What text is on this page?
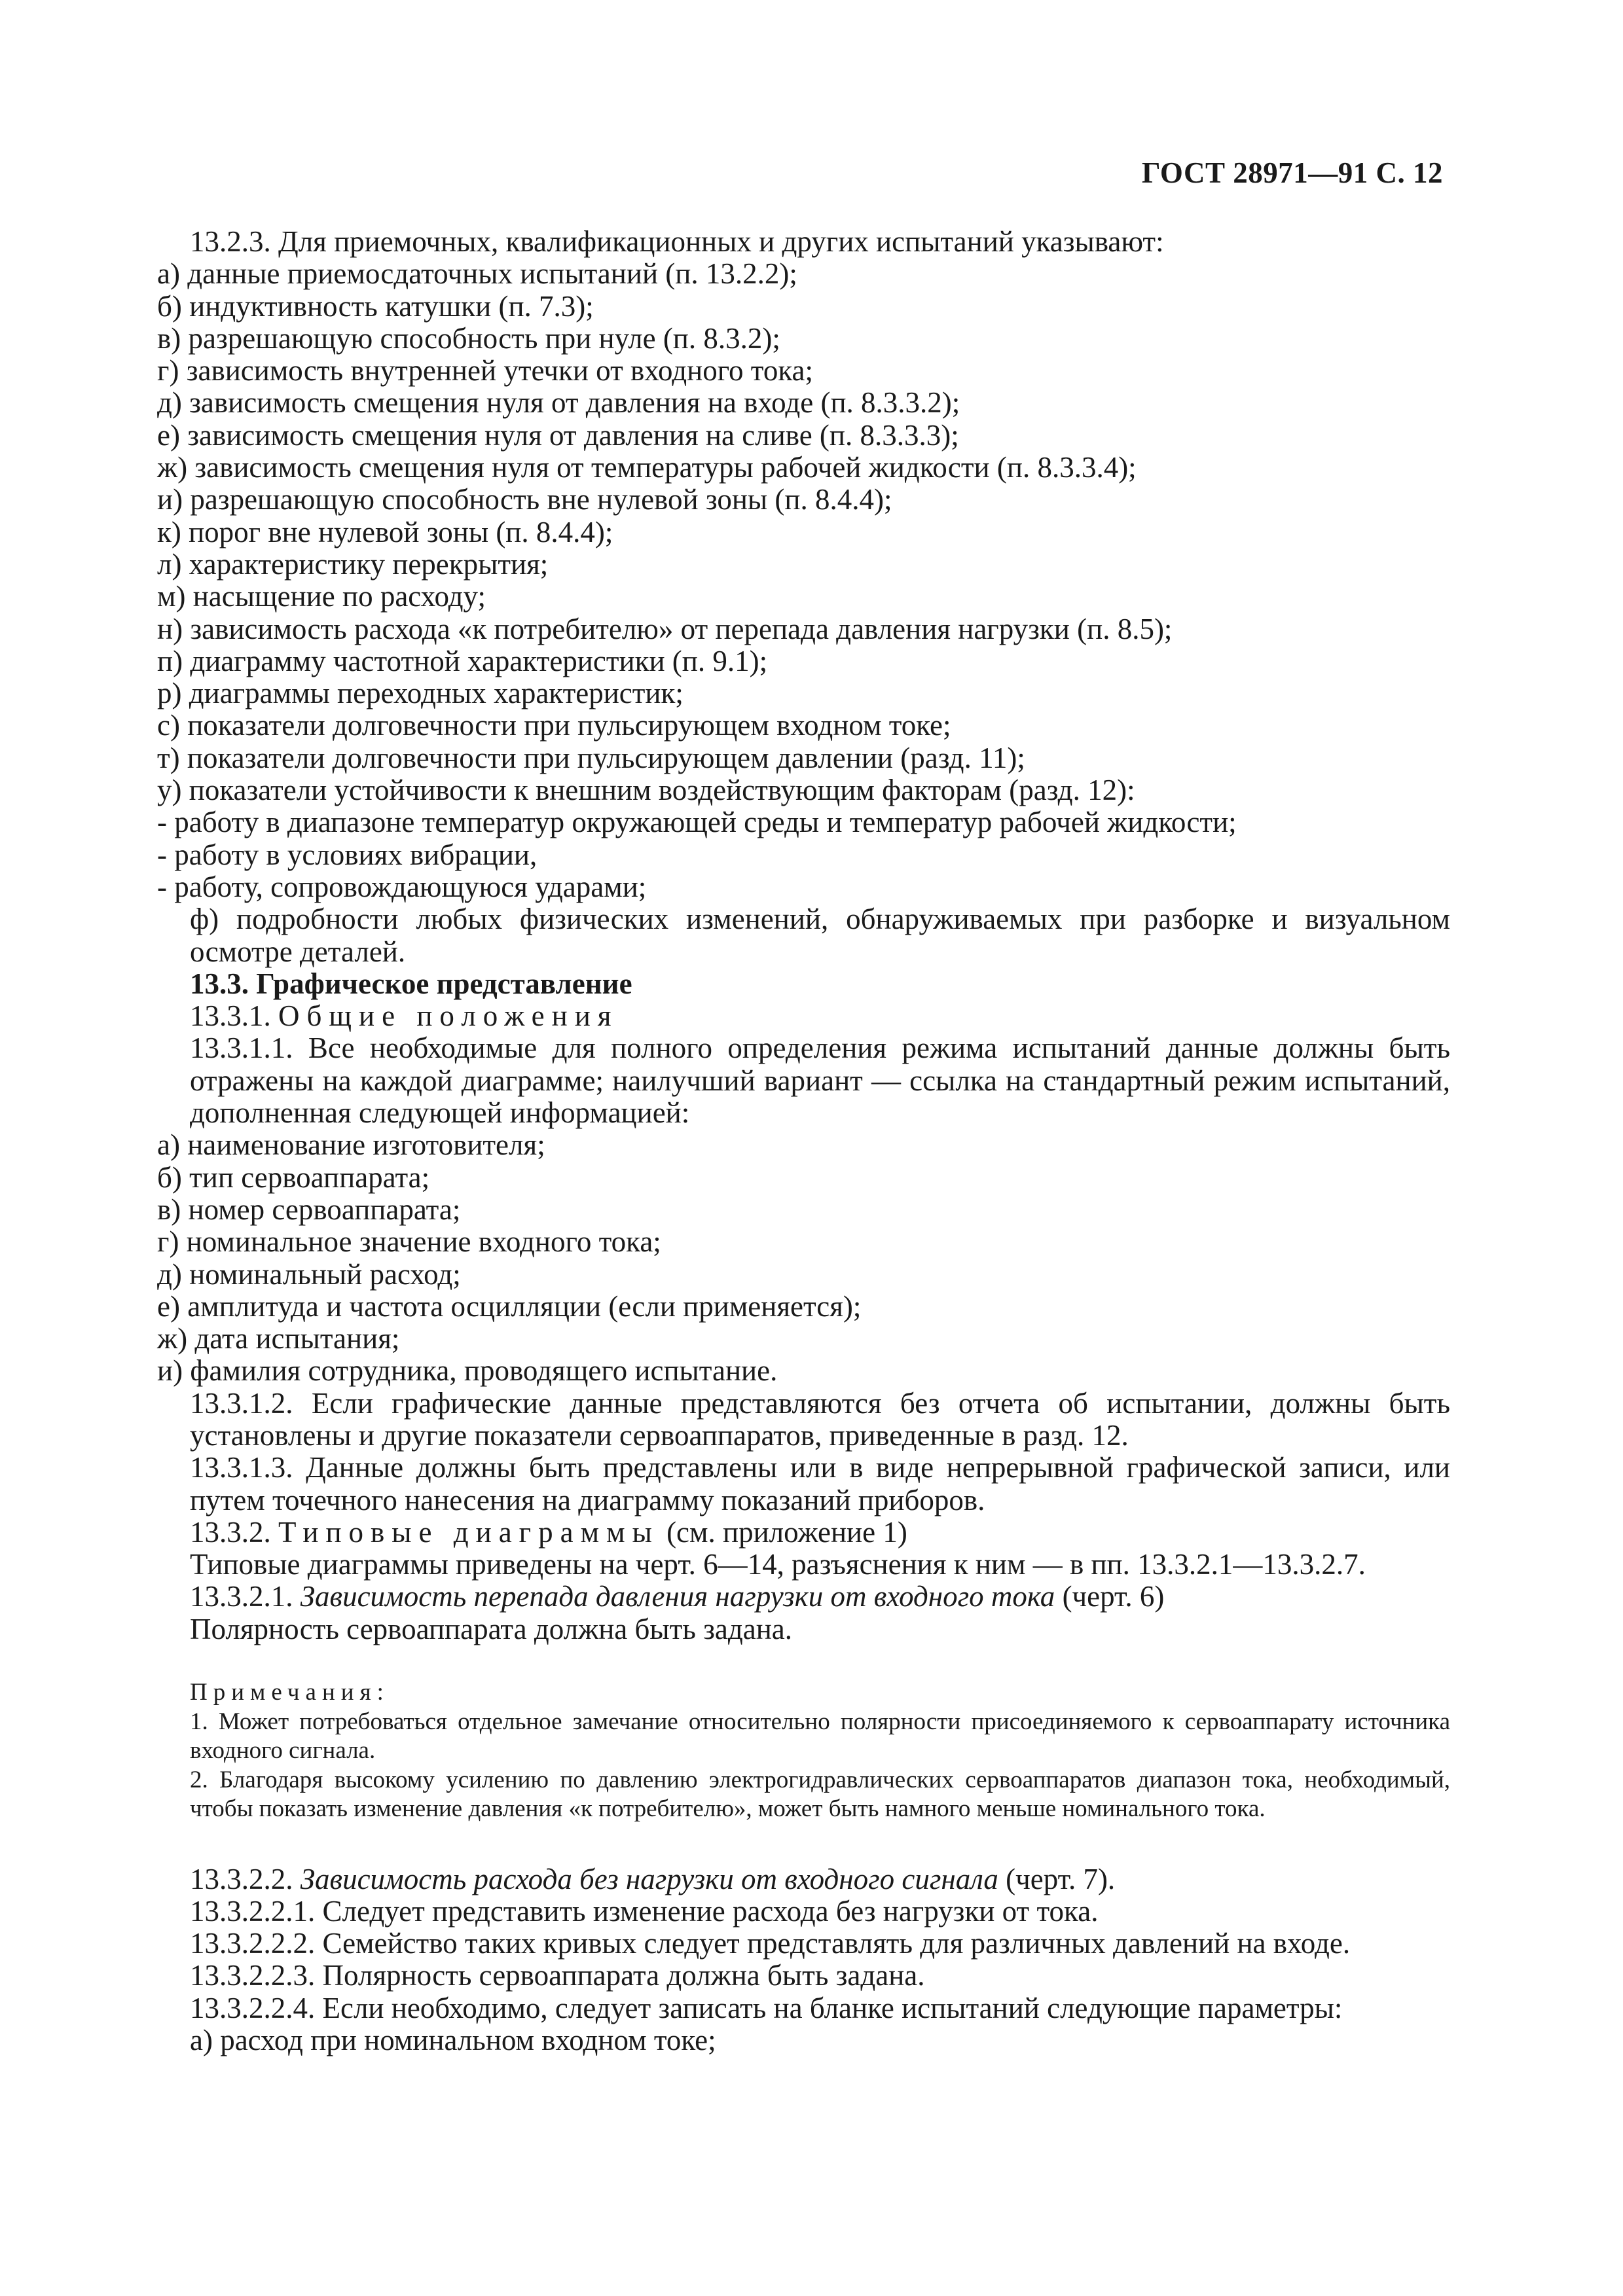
ГОСТ 28971—91 С. 12

13.2.3. Для приемочных, квалификационных и других испытаний указывают:

а) данные приемосдаточных испытаний (п. 13.2.2);

б) индуктивность катушки (п. 7.3);

в) разрешающую способность при нуле (п. 8.3.2);

г) зависимость внутренней утечки от входного тока;

д) зависимость смещения нуля от давления на входе (п. 8.3.3.2);

е) зависимость смещения нуля от давления на сливе (п. 8.3.3.3);

ж) зависимость смещения нуля от температуры рабочей жидкости (п. 8.3.3.4);

и) разрешающую способность вне нулевой зоны (п. 8.4.4);

к) порог вне нулевой зоны (п. 8.4.4);

л) характеристику перекрытия;

м) насыщение по расходу;

н) зависимость расхода «к потребителю» от перепада давления нагрузки (п. 8.5);

п) диаграмму частотной характеристики (п. 9.1);

р) диаграммы переходных характеристик;

с) показатели долговечности при пульсирующем входном токе;

т) показатели долговечности при пульсирующем давлении (разд. 11);

у) показатели устойчивости к внешним воздействующим факторам (разд. 12):

- работу в диапазоне температур окружающей среды и температур рабочей жидкости;

- работу в условиях вибрации,

- работу, сопровождающуюся ударами;

ф) подробности любых физических изменений, обнаруживаемых при разборке и визуальном осмотре деталей.

13.3. Графическое представление

13.3.1. Общие положения

13.3.1.1. Все необходимые для полного определения режима испытаний данные должны быть отражены на каждой диаграмме; наилучший вариант — ссылка на стандартный режим испытаний, дополненная следующей информацией:

а) наименование изготовителя;

б) тип сервоаппарата;

в) номер сервоаппарата;

г) номинальное значение входного тока;

д) номинальный расход;

е) амплитуда и частота осцилляции (если применяется);

ж) дата испытания;

и) фамилия сотрудника, проводящего испытание.

13.3.1.2. Если графические данные представляются без отчета об испытании, должны быть установлены и другие показатели сервоаппаратов, приведенные в разд. 12.

13.3.1.3. Данные должны быть представлены или в виде непрерывной графической записи, или путем точечного нанесения на диаграмму показаний приборов.

13.3.2. Типовые диаграммы (см. приложение 1)

Типовые диаграммы приведены на черт. 6—14, разъяснения к ним — в пп. 13.3.2.1—13.3.2.7.

13.3.2.1. Зависимость перепада давления нагрузки от входного тока (черт. 6)

Полярность сервоаппарата должна быть задана.

Примечания:

1. Может потребоваться отдельное замечание относительно полярности присоединяемого к сервоаппарату источника входного сигнала.

2. Благодаря высокому усилению по давлению электрогидравлических сервоаппаратов диапазон тока, необходимый, чтобы показать изменение давления «к потребителю», может быть намного меньше номинального тока.

13.3.2.2. Зависимость расхода без нагрузки от входного сигнала (черт. 7).

13.3.2.2.1. Следует представить изменение расхода без нагрузки от тока.

13.3.2.2.2. Семейство таких кривых следует представлять для различных давлений на входе.

13.3.2.2.3. Полярность сервоаппарата должна быть задана.

13.3.2.2.4. Если необходимо, следует записать на бланке испытаний следующие параметры:

а) расход при номинальном входном токе;
